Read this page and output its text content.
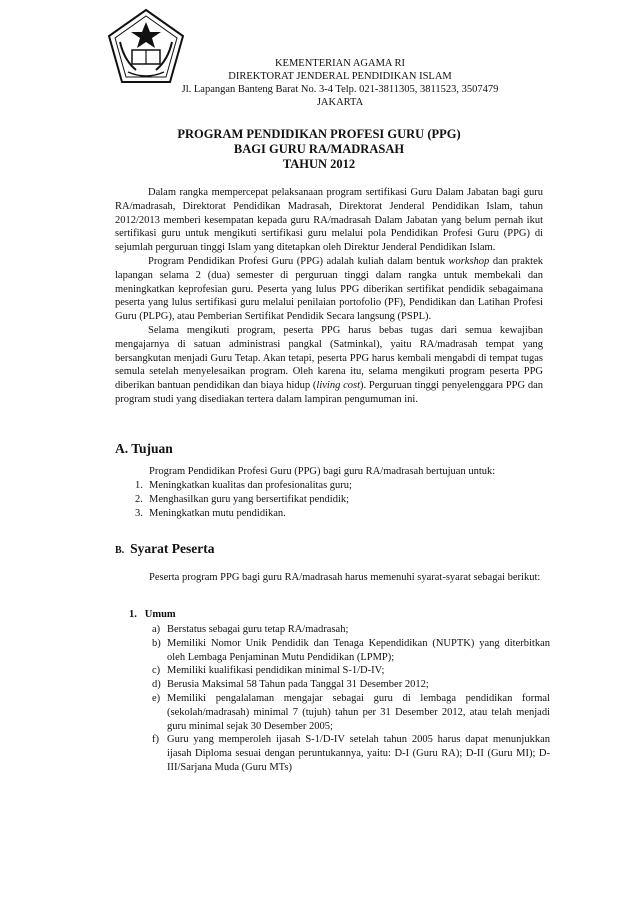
KEMENTERIAN AGAMA RI
DIREKTORAT JENDERAL PENDIDIKAN ISLAM
Jl. Lapangan Banteng Barat No. 3-4 Telp. 021-3811305, 3811523, 3507479
JAKARTA
PROGRAM PENDIDIKAN PROFESI GURU (PPG)
BAGI GURU RA/MADRASAH
TAHUN 2012

Dalam rangka mempercepat pelaksanaan program sertifikasi Guru Dalam Jabatan bagi guru RA/madrasah, Direktorat Pendidikan Madrasah, Direktorat Jenderal Pendidikan Islam, tahun 2012/2013 memberi kesempatan kepada guru RA/madrasah Dalam Jabatan yang belum pernah ikut sertifikasi guru untuk mengikuti sertifikasi guru melalui pola Pendidikan Profesi Guru (PPG) di sejumlah perguruan tinggi Islam yang ditetapkan oleh Direktur Jenderal Pendidikan Islam.

Program Pendidikan Profesi Guru (PPG) adalah kuliah dalam bentuk workshop dan praktek lapangan selama 2 (dua) semester di perguruan tinggi dalam rangka untuk membekali dan meningkatkan keprofesian guru. Peserta yang lulus PPG diberikan sertifikat pendidik sebagaimana peserta yang lulus sertifikasi guru melalui penilaian portofolio (PF), Pendidikan dan Latihan Profesi Guru (PLPG), atau Pemberian Sertifikat Pendidik Secara langsung (PSPL).

Selama mengikuti program, peserta PPG harus bebas tugas dari semua kewajiban mengajarnya di satuan administrasi pangkal (Satminkal), yaitu RA/madrasah tempat yang bersangkutan menjadi Guru Tetap. Akan tetapi, peserta PPG harus kembali mengabdi di tempat tugas semula setelah menyelesaikan program. Oleh karena itu, selama mengikuti program peserta PPG diberikan bantuan pendidikan dan biaya hidup (living cost). Perguruan tinggi penyelenggara PPG dan program studi yang disediakan tertera dalam lampiran pengumuman ini.

A. Tujuan
Program Pendidikan Profesi Guru (PPG) bagi guru RA/madrasah bertujuan untuk:
1. Meningkatkan kualitas dan profesionalitas guru;
2. Menghasilkan guru yang bersertifikat pendidik;
3. Meningkatkan mutu pendidikan.
B. Syarat Peserta
Peserta program PPG bagi guru RA/madrasah harus memenuhi syarat-syarat sebagai berikut:
1.   Umum
a) Berstatus sebagai guru tetap RA/madrasah;
b) Memiliki Nomor Unik Pendidik dan Tenaga Kependidikan (NUPTK) yang diterbitkan oleh Lembaga Penjaminan Mutu Pendidikan (LPMP);
c) Memiliki kualifikasi pendidikan minimal S-1/D-IV;
d) Berusia Maksimal 58 Tahun pada Tanggal 31 Desember 2012;
e) Memiliki pengalalaman mengajar sebagai guru di lembaga pendidikan formal (sekolah/madrasah) minimal 7 (tujuh) tahun per 31 Desember 2012, atau telah menjadi guru minimal sejak 30 Desember 2005;
f) Guru yang memperoleh ijasah S-1/D-IV setelah tahun 2005 harus dapat menunjukkan ijasah Diploma sesuai dengan peruntukannya, yaitu: D-I (Guru RA); D-II (Guru MI); D-III/Sarjana Muda (Guru MTs)
